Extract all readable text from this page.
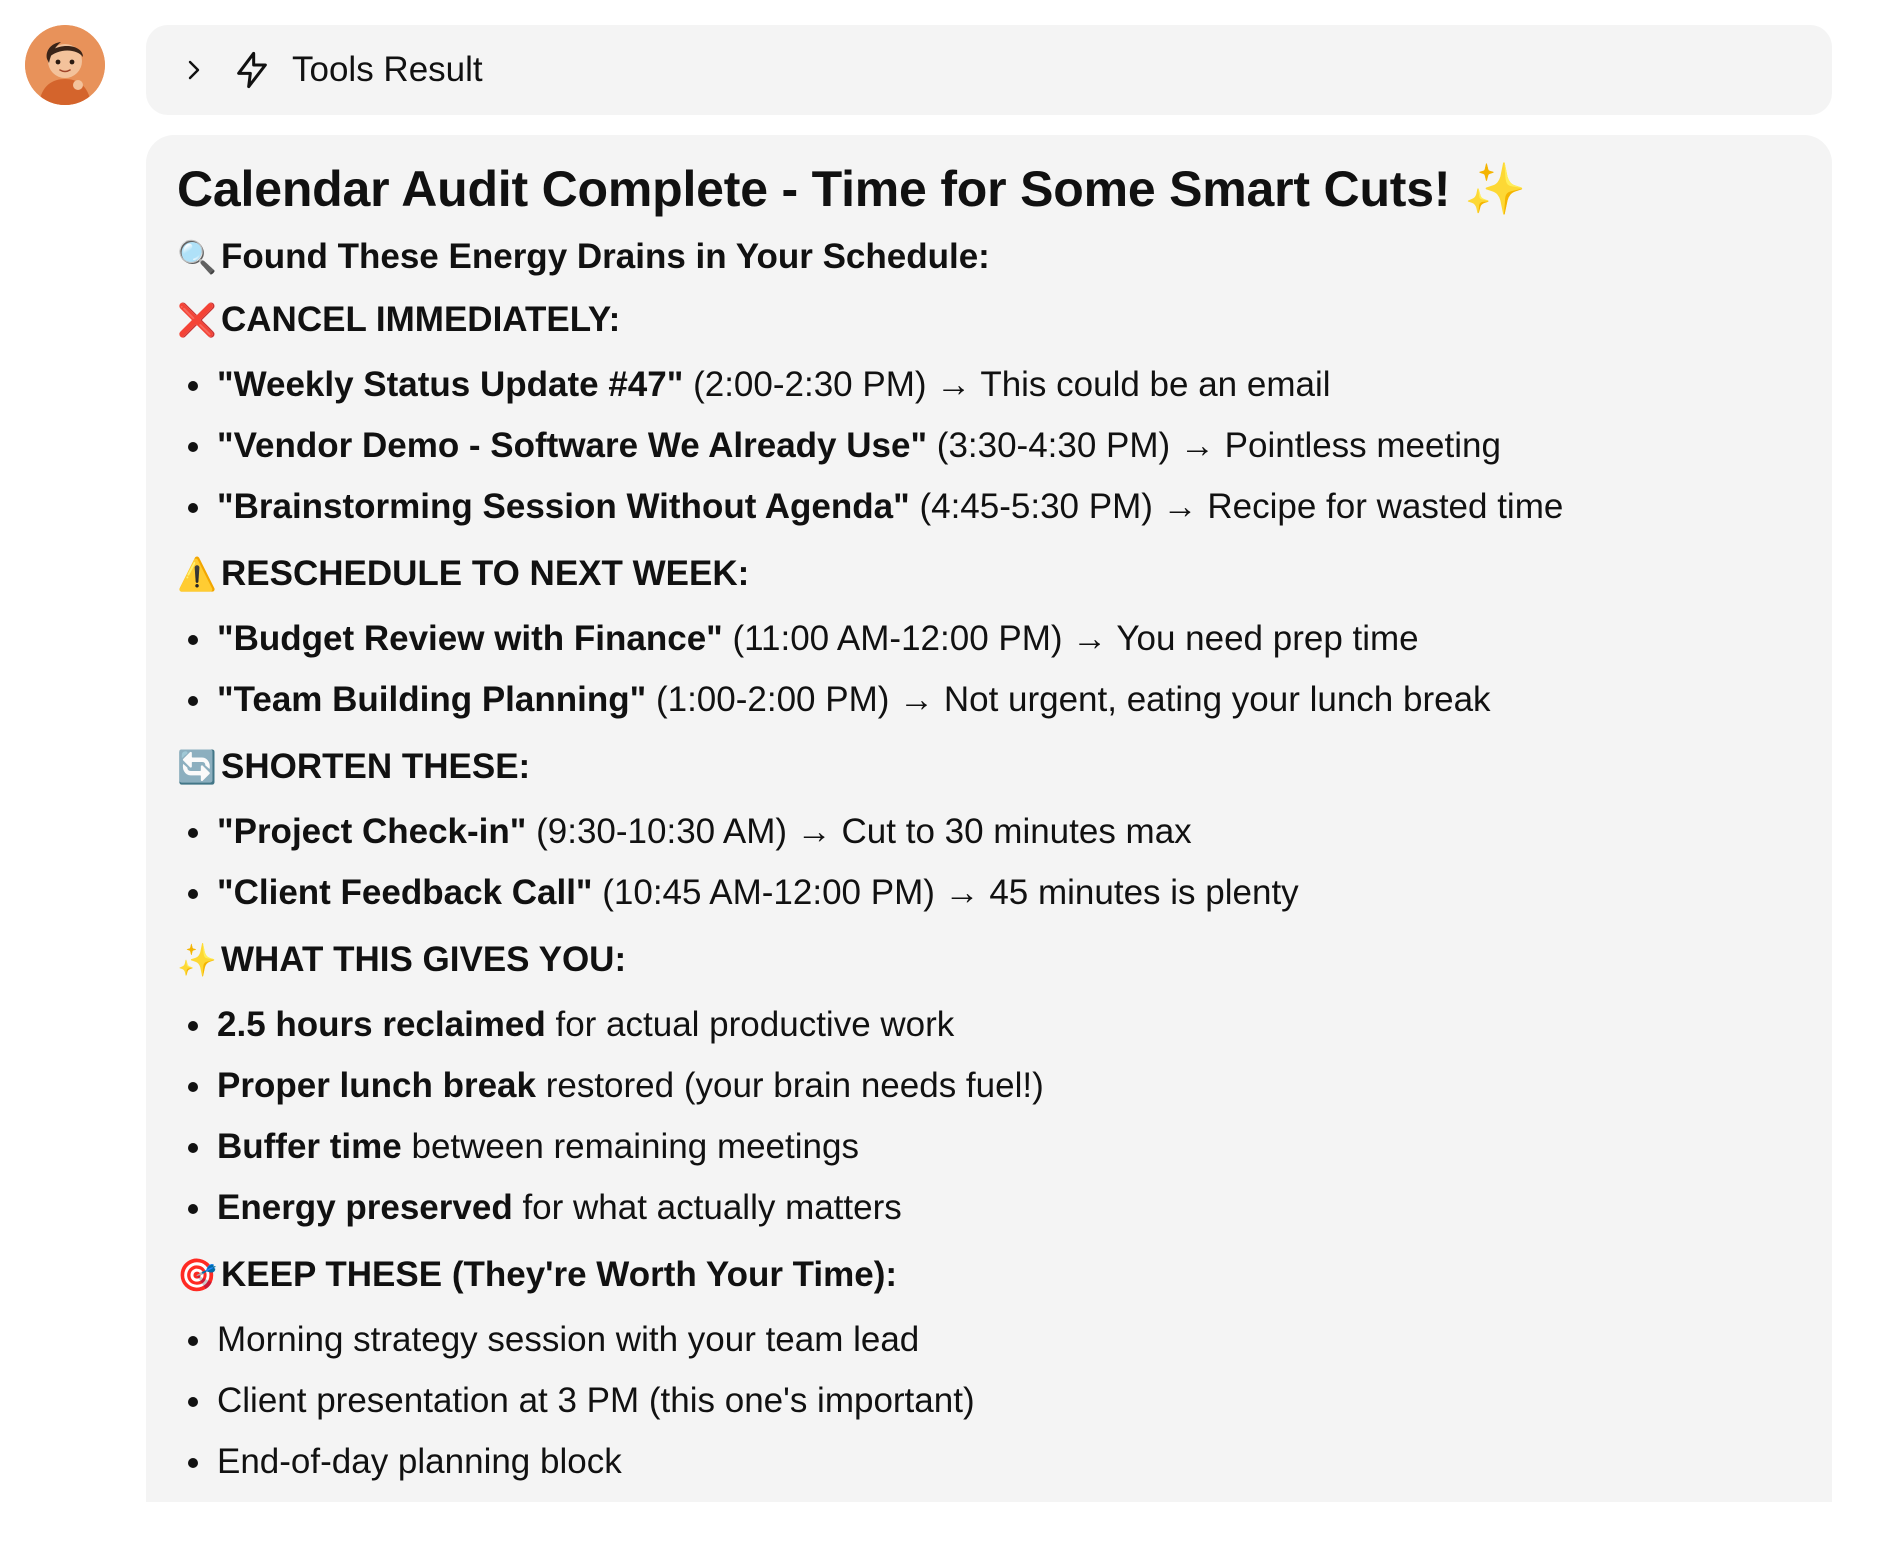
Tools Result
Calendar Audit Complete - Time for Some Smart Cuts! ✨
🔍 Found These Energy Drains in Your Schedule:
❌ CANCEL IMMEDIATELY:
"Weekly Status Update #47" (2:00-2:30 PM) → This could be an email
"Vendor Demo - Software We Already Use" (3:30-4:30 PM) → Pointless meeting
"Brainstorming Session Without Agenda" (4:45-5:30 PM) → Recipe for wasted time
⚠️ RESCHEDULE TO NEXT WEEK:
"Budget Review with Finance" (11:00 AM-12:00 PM) → You need prep time
"Team Building Planning" (1:00-2:00 PM) → Not urgent, eating your lunch break
🔄 SHORTEN THESE:
"Project Check-in" (9:30-10:30 AM) → Cut to 30 minutes max
"Client Feedback Call" (10:45 AM-12:00 PM) → 45 minutes is plenty
✨ WHAT THIS GIVES YOU:
2.5 hours reclaimed for actual productive work
Proper lunch break restored (your brain needs fuel!)
Buffer time between remaining meetings
Energy preserved for what actually matters
🎯 KEEP THESE (They're Worth Your Time):
Morning strategy session with your team lead
Client presentation at 3 PM (this one's important)
End-of-day planning block
